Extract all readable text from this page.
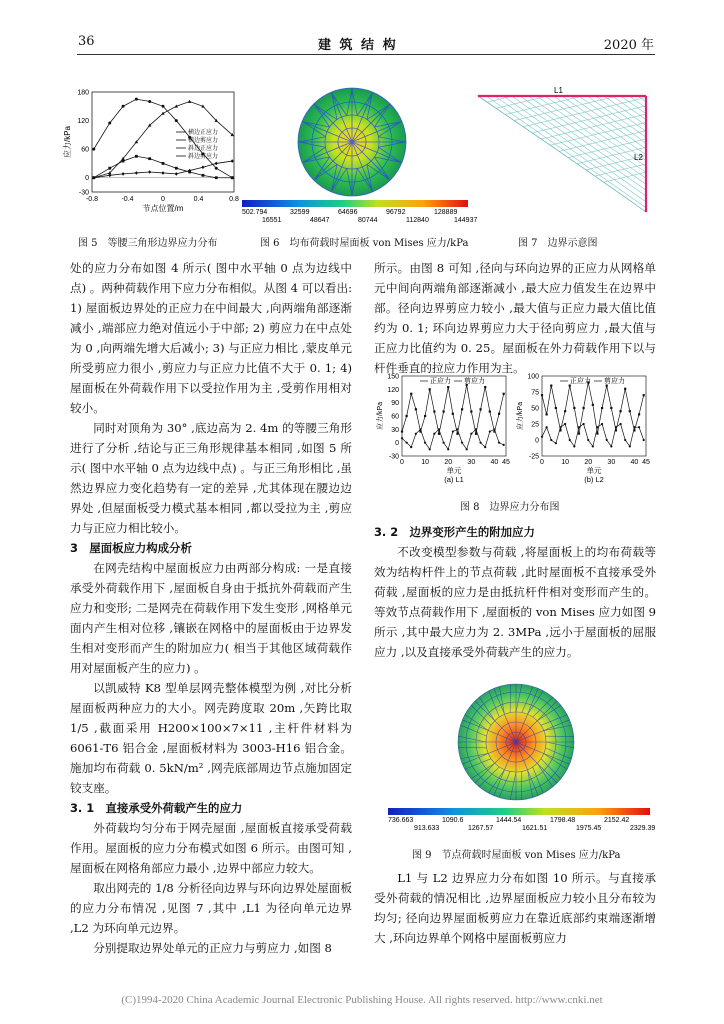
36	建 筑 结 构	2020 年
180
120
60
0
-30
-0.8	-0.4	0	0.4	0.8
节点位置/m
应力/kPa	横边正应力
横边剪应力
斜边正应力
斜边剪应力
图 5　等腰三角形边界应力分布
502.794	32599	64696	96792	128889
16551	48647	80744	112840	144937
图 6　均布荷载时屋面板 von Mises 应力/kPa
L1
L2
图 7　边界示意图

处的应力分布如图 4 所示( 图中水平轴 0 点为边线中点) 。两种荷载作用下应力分布相似。从图 4 可以看出: 1) 屋面板边界处的正应力在中间最大 ,向两端角部逐渐减小 ,端部应力绝对值远小于中部; 2) 剪应力在中点处为 0 ,向两端先增大后减小; 3) 与正应力相比 ,蒙皮单元所受剪应力很小 ,剪应力与正应力比值不大于 0. 1; 4) 屋面板在外荷载作用下以受拉作用为主 ,受剪作用相对较小。

同时对顶角为 30° ,底边高为 2. 4m 的等腰三角形进行了分析 ,结论与正三角形规律基本相同 ,如图 5 所示( 图中水平轴 0 点为边线中点) 。与正三角形相比 ,虽然边界应力变化趋势有一定的差异 ,尤其体现在腰边边界处 ,但屋面板受力模式基本相同 ,都以受拉为主 ,剪应力与正应力相比较小。

3　屋面板应力构成分析

在网壳结构中屋面板应力由两部分构成: 一是直接承受外荷载作用下 ,屋面板自身由于抵抗外荷载而产生应力和变形; 二是网壳在荷载作用下发生变形 ,网格单元面内产生相对位移 ,镶嵌在网格中的屋面板由于边界发生相对变形而产生的附加应力( 相当于其他区域荷载作用对屋面板产生的应力) 。

以凯威特 K8 型单层网壳整体模型为例 ,对比分析屋面板两种应力的大小。网壳跨度取 20m ,矢跨比取 1/5 ,截面采用 H200×100×7×11 ,主杆件材料为 6061-T6 铝合金 ,屋面板材料为 3003-H16 铝合金。施加均布荷载 0. 5kN/m² ,网壳底部周边节点施加固定铰支座。

3. 1　直接承受外荷载产生的应力

外荷载均匀分布于网壳屋面 ,屋面板直接承受荷载作用。屋面板的应力分布模式如图 6 所示。由图可知 ,屋面板在网格角部应力最小 ,边界中部应力较大。

取出网壳的 1/8 分析径向边界与环向边界处屋面板的应力分布情况 ,见图 7 ,其中 ,L1 为径向单元边界 ,L2 为环向单元边界。

分别提取边界处单元的正应力与剪应力 ,如图 8

所示。由图 8 可知 ,径向与环向边界的正应力从网格单元中间向两端角部逐渐减小 ,最大应力值发生在边界中部。径向边界剪应力较小 ,最大值与正应力最大值比值约为 0. 1; 环向边界剪应力大于径向剪应力 ,最大值与正应力比值约为 0. 25。屋面板在外力荷载作用下以与杆件垂直的拉应力作用为主。

150
120
90
60
30
0
-30
0 10 20 30 40 45
单元
(a) L1
应力/kPa
正应力 剪应力
100
75
50
25
0
-25
0 10 20 30 40 45
单元
(b) L2
应力/kPa
正应力 剪应力
图 8　边界应力分布图

3. 2　边界变形产生的附加应力

不改变模型参数与荷载 ,将屋面板上的均布荷载等效为结构杆件上的节点荷载 ,此时屋面板不直接承受外荷载 ,屋面板的应力是由抵抗杆件相对变形而产生的。等效节点荷载作用下 ,屋面板的 von Mises 应力如图 9 所示 ,其中最大应力为 2. 3MPa ,远小于屋面板的屈服应力 ,以及直接承受外荷载产生的应力。

736.663	1090.6	1444.54	1798.48	2152.42
913.633	1267.57	1621.51	1975.45	2329.39
图 9　节点荷载时屋面板 von Mises 应力/kPa

L1 与 L2 边界应力分布如图 10 所示。与直接承受外荷载的情况相比 ,边界屋面板应力较小且分布较为均匀; 径向边界屋面板剪应力在靠近底部约束端逐渐增大 ,环向边界单个网格中屋面板剪应力

(C)1994-2020 China Academic Journal Electronic Publishing House. All rights reserved. http://www.cnki.net
